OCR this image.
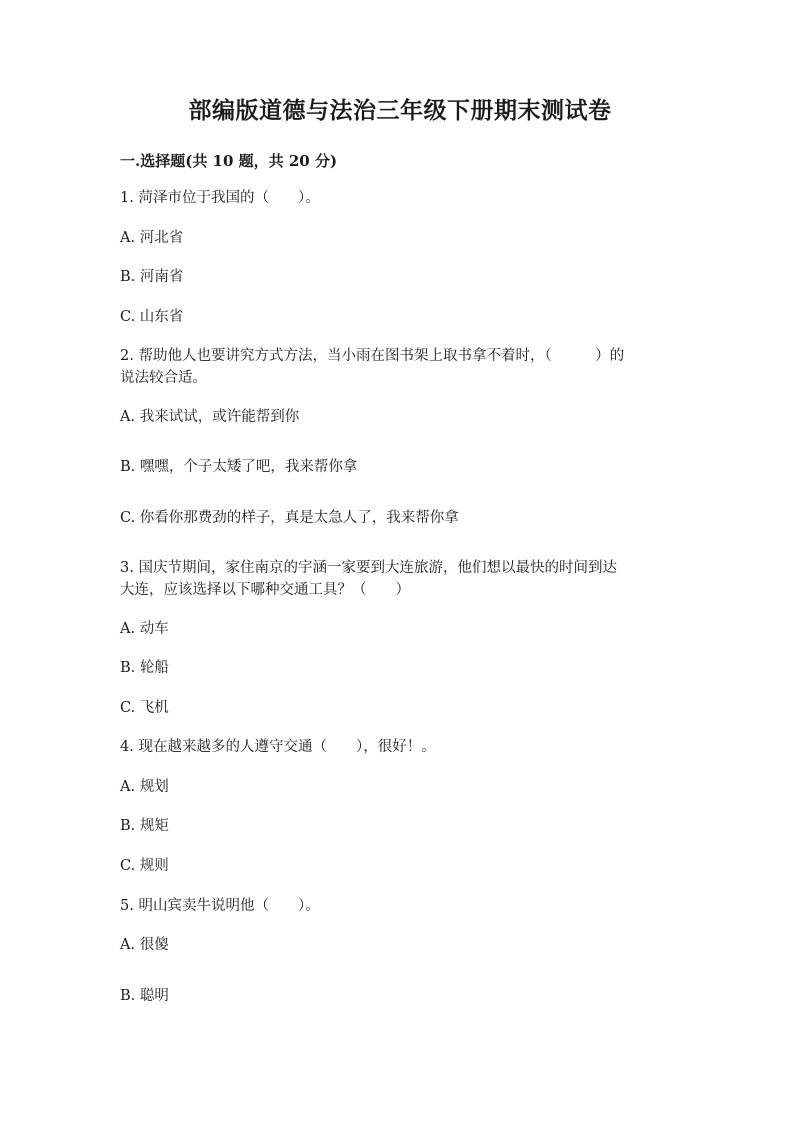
部编版道德与法治三年级下册期末测试卷
一.选择题(共 10 题，共 20 分)
1. 菏泽市位于我国的（　　）。
A. 河北省
B. 河南省
C. 山东省
2. 帮助他人也要讲究方式方法，当小雨在图书架上取书拿不着时，（　　　）的
说法较合适。
A. 我来试试，或许能帮到你
B. 嘿嘿，个子太矮了吧，我来帮你拿
C. 你看你那费劲的样子，真是太急人了，我来帮你拿
3. 国庆节期间，家住南京的宇涵一家要到大连旅游，他们想以最快的时间到达
大连，应该选择以下哪种交通工具？（　　）
A. 动车
B. 轮船
C. 飞机
4. 现在越来越多的人遵守交通（　　），很好！。
A. 规划
B. 规矩
C. 规则
5. 明山宾卖牛说明他（　　）。
A. 很傻
B. 聪明
